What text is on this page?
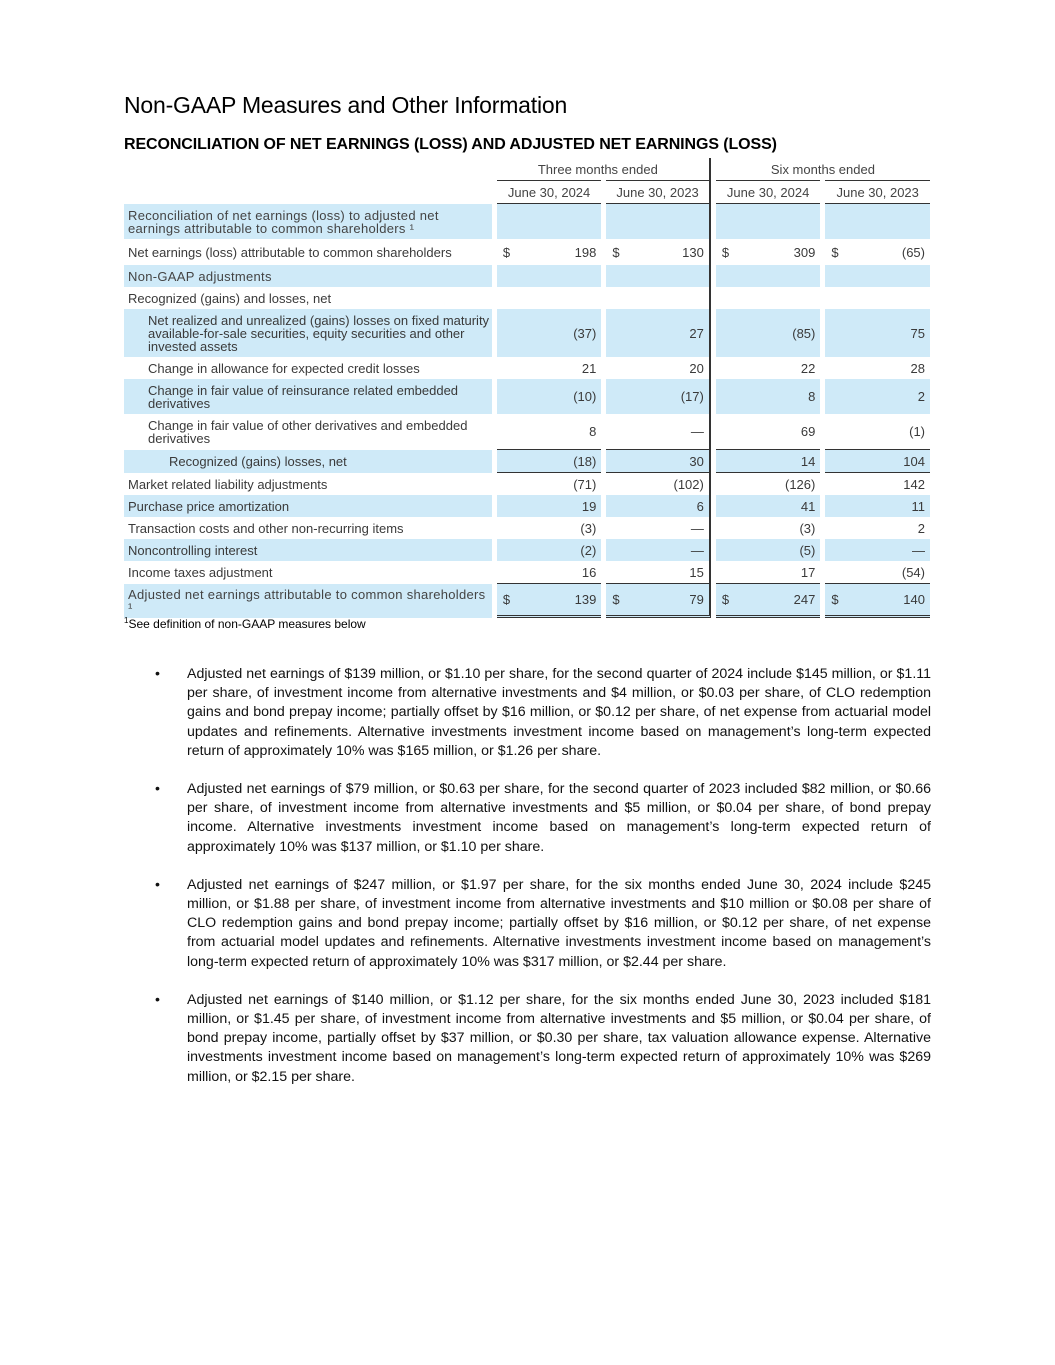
Non-GAAP Measures and Other Information
RECONCILIATION OF NET EARNINGS (LOSS) AND ADJUSTED NET EARNINGS (LOSS)
		Three months ended						Six months ended				
		June 30, 2024			June 30, 2023			June 30, 2024			June 30, 2023	
Reconciliation of net earnings (loss) to adjusted net earnings attributable to common shareholders ¹												
Net earnings (loss) attributable to common shareholders		$	198		$	130		$	309		$	(65)
Non-GAAP adjustments												
Recognized (gains) and losses, net												
Net realized and unrealized (gains) losses on fixed maturity available-for-sale securities, equity securities and other invested assets			(37)			27			(85)			75
Change in allowance for expected credit losses			21			20			22			28
Change in fair value of reinsurance related embedded derivatives			(10)			(17)			8			2
Change in fair value of other derivatives and embedded derivatives			8			—			69			(1)
Recognized (gains) losses, net			(18)			30			14			104
Market related liability adjustments			(71)			(102)			(126)			142
Purchase price amortization			19			6			41			11
Transaction costs and other non-recurring items			(3)			—			(3)			2
Noncontrolling interest			(2)			—			(5)			—
Income taxes adjustment			16			15			17			(54)
Adjusted net earnings attributable to common shareholders ¹		$	139		$	79		$	247		$	140
$^1$See definition of non-GAAP measures below
• Adjusted net earnings of $139 million, or $1.10 per share, for the second quarter of 2024 include $145 million, or $1.11 per share, of investment income from alternative investments and $4 million, or $0.03 per share, of CLO redemption gains and bond prepay income; partially offset by $16 million, or $0.12 per share, of net expense from actuarial model updates and refinements. Alternative investments investment income based on management’s long-term expected return of approximately 10% was $165 million, or $1.26 per share.
• Adjusted net earnings of $79 million, or $0.63 per share, for the second quarter of 2023 included $82 million, or $0.66 per share, of investment income from alternative investments and $5 million, or $0.04 per share, of bond prepay income. Alternative investments investment income based on management’s long-term expected return of approximately 10% was $137 million, or $1.10 per share.
• Adjusted net earnings of $247 million, or $1.97 per share, for the six months ended June 30, 2024 include $245 million, or $1.88 per share, of investment income from alternative investments and $10 million or $0.08 per share of CLO redemption gains and bond prepay income; partially offset by $16 million, or $0.12 per share, of net expense from actuarial model updates and refinements. Alternative investments investment income based on management’s long-term expected return of approximately 10% was $317 million, or $2.44 per share.
• Adjusted net earnings of $140 million, or $1.12 per share, for the six months ended June 30, 2023 included $181 million, or $1.45 per share, of investment income from alternative investments and $5 million, or $0.04 per share, of bond prepay income, partially offset by $37 million, or $0.30 per share, tax valuation allowance expense. Alternative investments investment income based on management’s long-term expected return of approximately 10% was $269 million, or $2.15 per share.
